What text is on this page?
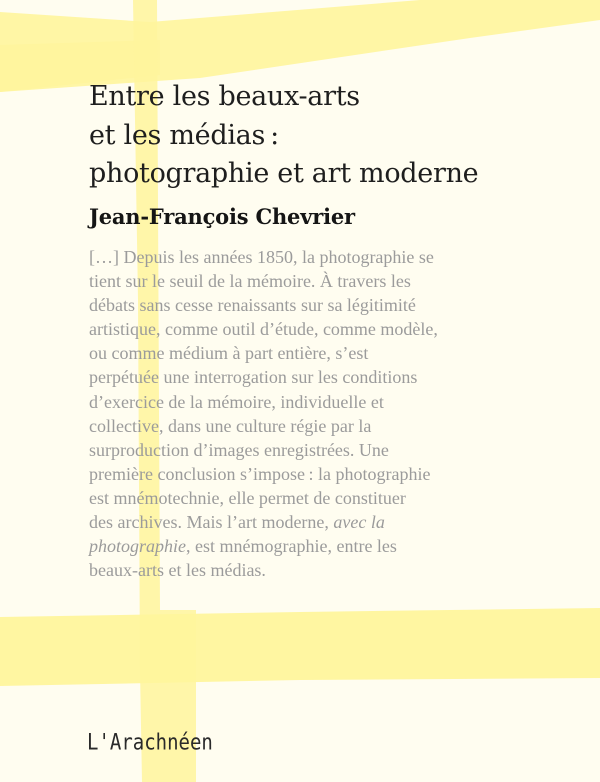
Entre les beaux-arts
et les médias :
photographie et art moderne
Jean-François Chevrier
[…] Depuis les années 1850, la photographie se
tient sur le seuil de la mémoire. À travers les
débats sans cesse renaissants sur sa légitimité
artistique, comme outil d’étude, comme modèle,
ou comme médium à part entière, s’est
perpétuée une interrogation sur les conditions
d’exercice de la mémoire, individuelle et
collective, dans une culture régie par la
surproduction d’images enregistrées. Une
première conclusion s’impose : la photographie
est mnémotechnie, elle permet de constituer
des archives. Mais l’art moderne, avec la
photographie, est mnémographie, entre les
beaux-arts et les médias.
L'Arachnéen
